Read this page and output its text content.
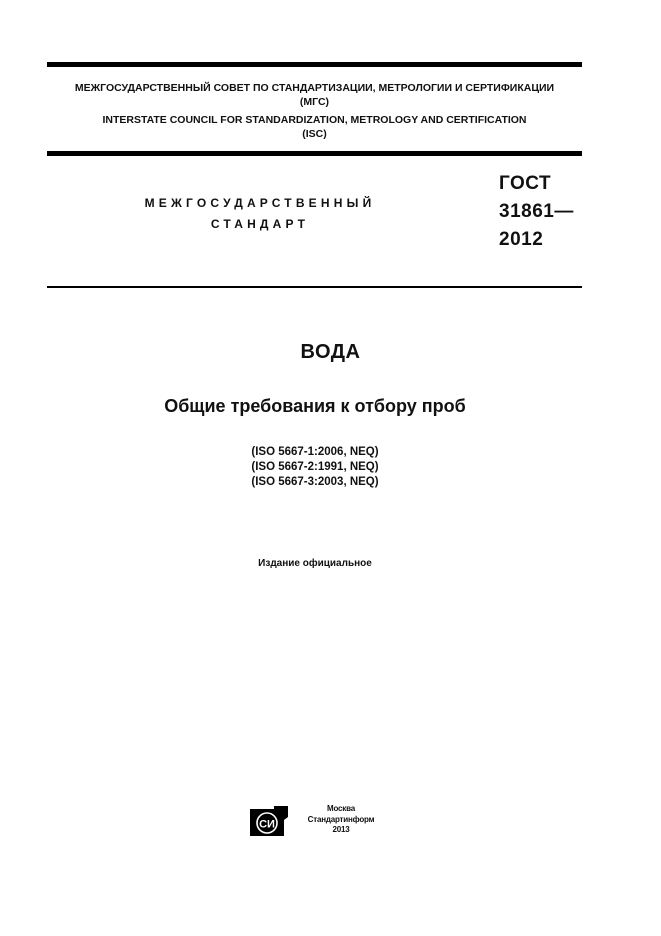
МЕЖГОСУДАРСТВЕННЫЙ СОВЕТ ПО СТАНДАРТИЗАЦИИ, МЕТРОЛОГИИ И СЕРТИФИКАЦИИ
(МГС)
INTERSTATE COUNCIL FOR STANDARDIZATION, METROLOGY AND CERTIFICATION
(ISC)
МЕЖГОСУДАРСТВЕННЫЙ
СТАНДАРТ
ГОСТ
31861—
2012
ВОДА
Общие требования к отбору проб
(ISO 5667-1:2006, NEQ)
(ISO 5667-2:1991, NEQ)
(ISO 5667-3:2003, NEQ)
Издание официальное
СИ
Москва
Стандартинформ
2013
